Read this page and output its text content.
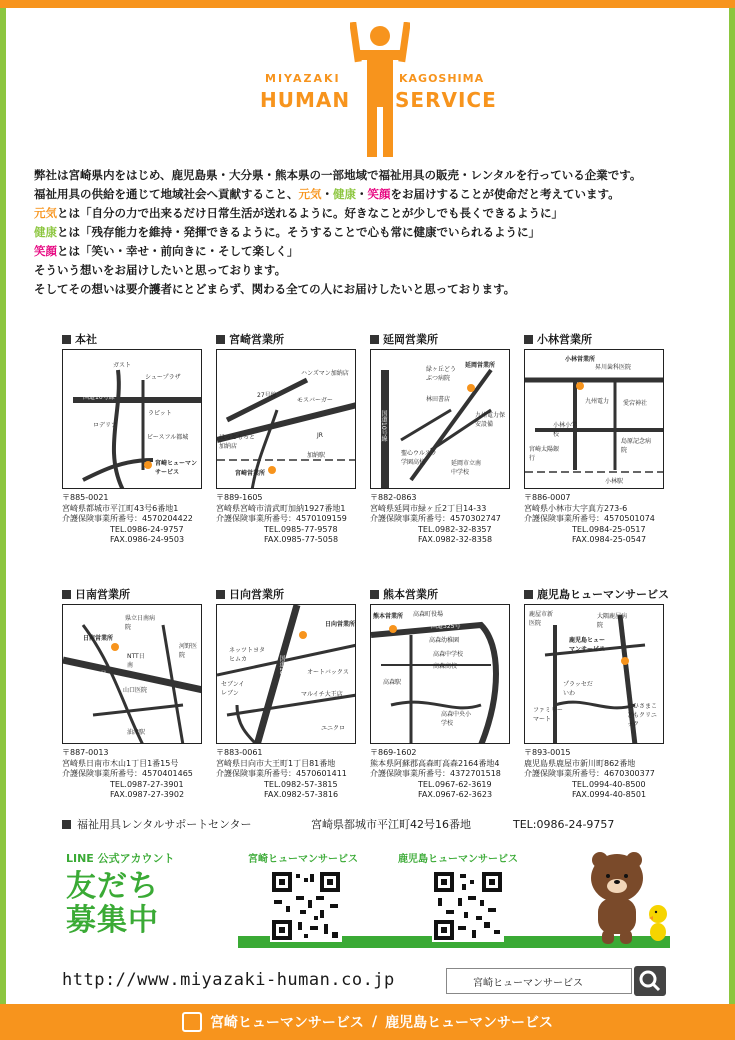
MIYAZAKI	KAGOSHIMA
HUMAN SERVICE

弊社は宮崎県内をはじめ、鹿児島県・大分県・熊本県の一部地域で福祉用具の販売・レンタルを行っている企業です。

福祉用具の供給を通じて地域社会へ貢献すること、元気・健康・笑顔をお届けすることが使命だと考えています。

元気とは「自分の力で出来るだけ日常生活が送れるように。好きなことが少しでも長くできるように」

健康とは「残存能力を維持・発揮できるように。そうすることで心も常に健康でいられるように」

笑顔とは「笑い・幸せ・前向きに・そして楽しく」

そういう想いをお届けしたいと思っております。

そしてその想いは要介護者にとどまらず、関わる全ての人にお届けしたいと思っております。

本社
ガスト
シュープラザ
国道10号線
ラピット
ロデリア
ビースフル都城
宮崎ヒューマンサービス
〒885-0021
宮崎県都城市平江町43号6番地1
介護保険事業所番号：4570204422
TEL.0986-24-9757
FAX.0986-24-9503
宮崎営業所
ハンズマン加納店
27号線
モスバーガー
ほっともっと加納店
JR
加納駅
宮崎営業所
〒889-1605
宮崎県宮崎市清武町加納1927番地1
介護保険事業所番号：4570109159
TEL.0985-77-9578
FAX.0985-77-5058
延岡営業所
緑ヶ丘どうぶつ病院
延岡営業所
林田書店
国道10号線	九州電力保安設備
聖心ウルスラ学園高校	延岡市立南中学校
〒882-0863
宮崎県延岡市緑ヶ丘2丁目14-33
介護保険事業所番号：4570302747
TEL.0982-32-8357
FAX.0982-32-8358
小林営業所
小林営業所
昇川歯科医院
九州電力	愛宕神社
小林小学校
島原記念病院
宮崎太陽銀行
小林駅
〒886-0007
宮崎県小林市大字真方273-6
介護保険事業所番号：4570501074
TEL.0984-25-0517
FAX.0984-25-0547
日南営業所
県立日南病院
日南営業所
NTT日南
河野医院
国道222号
山口医院
油津駅
〒887-0013
宮崎県日南市木山1丁目1番15号
介護保険事業所番号：4570401465
TEL.0987-27-3901
FAX.0987-27-3902
日向営業所
日向営業所
ネッツトヨタヒムカ	国道10号線	オートバックス
セブンイレブン	マルイチ大王店
ユニクロ
〒883-0061
宮崎県日向市大王町1丁目81番地
介護保険事業所番号：4570601411
TEL.0982-57-3815
FAX.0982-57-3816
熊本営業所
熊本営業所 高森町役場
国道325号
高森幼稚園
高森中学校
高森高校
高森駅
高森中央小学校
〒869-1602
熊本県阿蘇郡高森町高森2164番地4
介護保険事業所番号：4372701518
TEL.0967-62-3619
FAX.0967-62-3623
鹿児島ヒューマンサービス
鹿屋市新医院
大隅鹿屋病院
鹿児島ヒューマンサービス
プラッセだいわ
ファミリーマート
おひさまこどもクリニック
〒893-0015
鹿児島県鹿屋市新川町862番地
介護保険事業所番号：4670300377
TEL.0994-40-8500
FAX.0994-40-8501
福祉用具レンタルサポートセンター	宮崎県都城市平江町42号16番地	TEL:0986-24-9757
LINE 公式アカウント
友だち
募集中
宮崎ヒューマンサービス	鹿児島ヒューマンサービス
http://www.miyazaki-human.co.jp	宮崎ヒューマンサービス
宮崎ヒューマンサービス / 鹿児島ヒューマンサービス
